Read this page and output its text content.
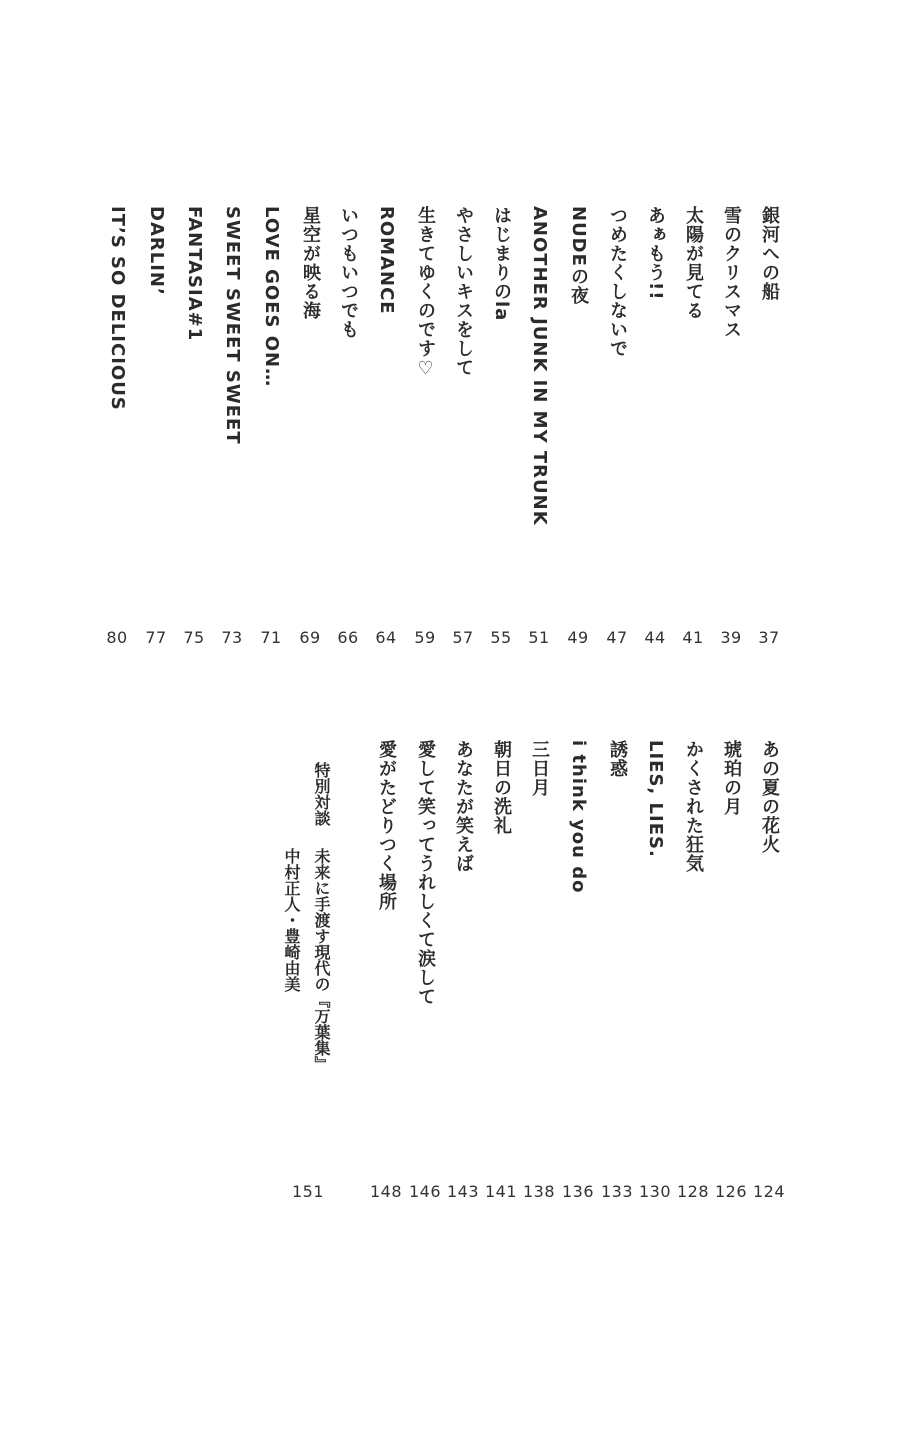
銀河への船
37
雪のクリスマス
39
太陽が見てる
41
あぁもう!!
44
つめたくしないで
47
NUDEの夜
49
ANOTHER JUNK IN MY TRUNK
51
はじまりのla
55
やさしいキスをして
57
生きてゆくのです♡
59
ROMANCE
64
いつもいつでも
66
星空が映る海
69
LOVE GOES ON…
71
SWEET SWEET SWEET
73
FANTASIA#1
75
DARLIN’
77
IT’S SO DELICIOUS
80
あの夏の花火
124
琥珀の月
126
かくされた狂気
128
LIES, LIES.
130
誘惑
133
i think you do
136
三日月
138
朝日の洗礼
141
あなたが笑えば
143
愛して笑ってうれしくて涙して
146
愛がたどりつく場所
148
特別対談
未来に手渡す現代の『万葉集』
中村正人・豊崎由美
151
